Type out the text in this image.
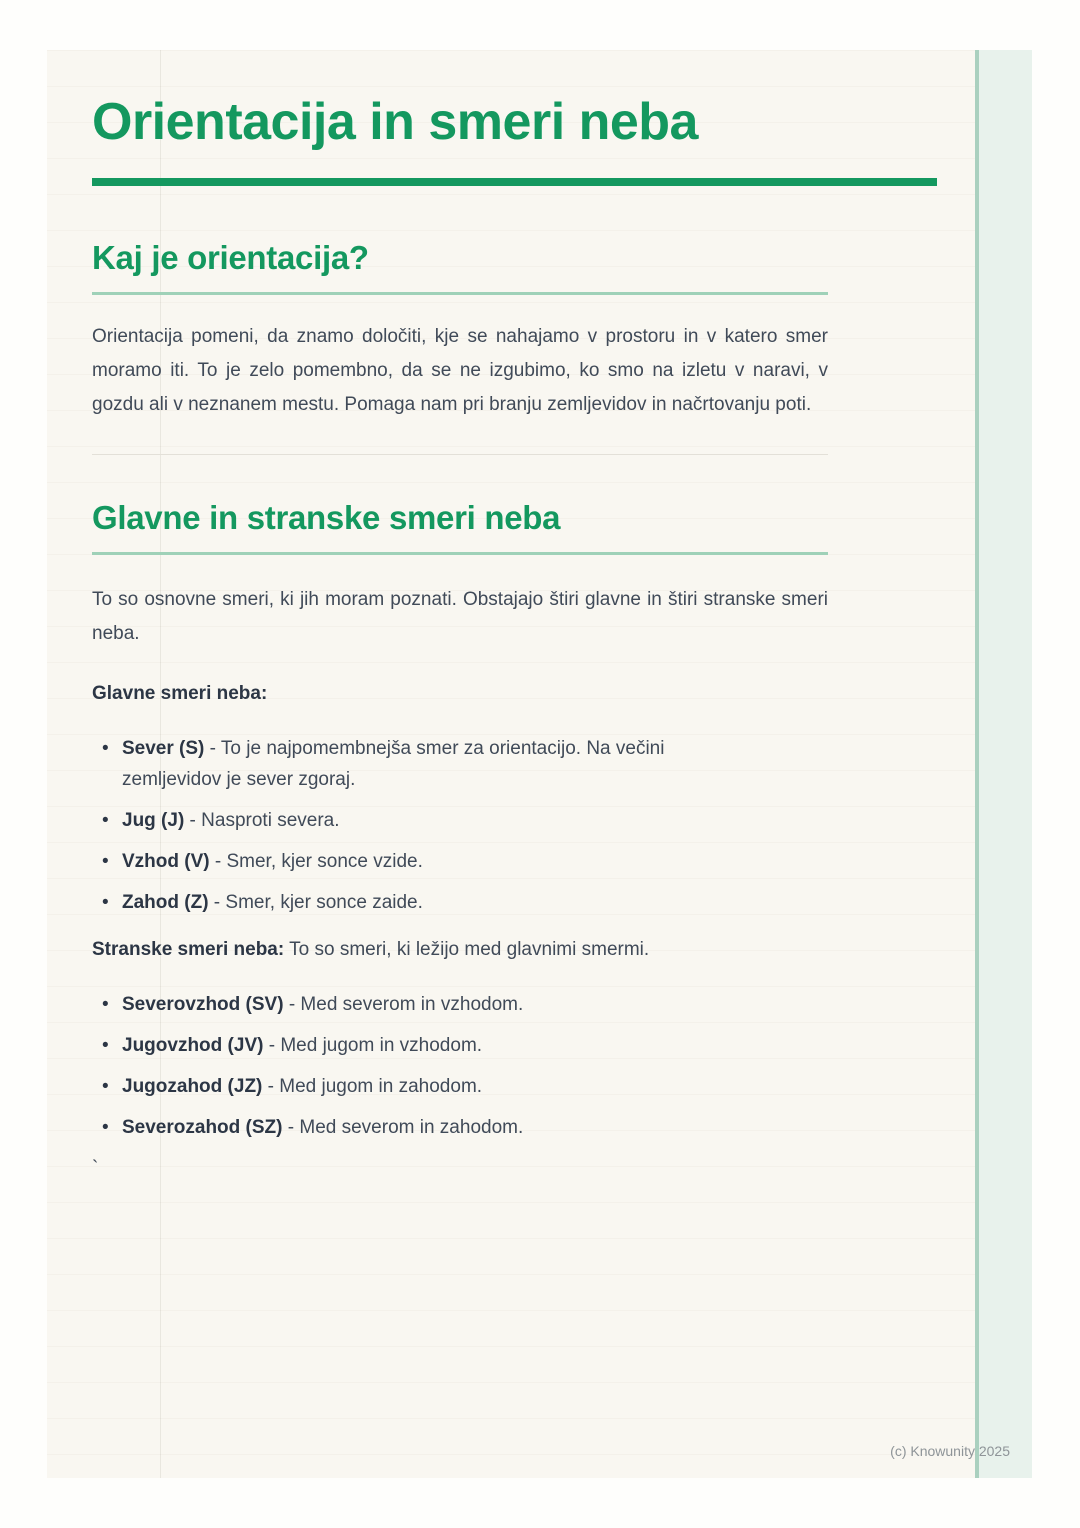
Orientacija in smeri neba
Kaj je orientacija?

Orientacija pomeni, da znamo določiti, kje se nahajamo v prostoru in v katero smer moramo iti. To je zelo pomembno, da se ne izgubimo, ko smo na izletu v naravi, v gozdu ali v neznanem mestu. Pomaga nam pri branju zemljevidov in načrtovanju poti.

Glavne in stranske smeri neba

To so osnovne smeri, ki jih moram poznati. Obstajajo štiri glavne in štiri stranske smeri neba.

Glavne smeri neba:

• Sever (S) - To je najpomembnejša smer za orientacijo. Na večini zemljevidov je sever zgoraj.
• Jug (J) - Nasproti severa.
• Vzhod (V) - Smer, kjer sonce vzide.
• Zahod (Z) - Smer, kjer sonce zaide.

Stranske smeri neba: To so smeri, ki ležijo med glavnimi smermi.

• Severovzhod (SV) - Med severom in vzhodom.
• Jugovzhod (JV) - Med jugom in vzhodom.
• Jugozahod (JZ) - Med jugom in zahodom.
• Severozahod (SZ) - Med severom in zahodom.

`

(c) Knowunity 2025
